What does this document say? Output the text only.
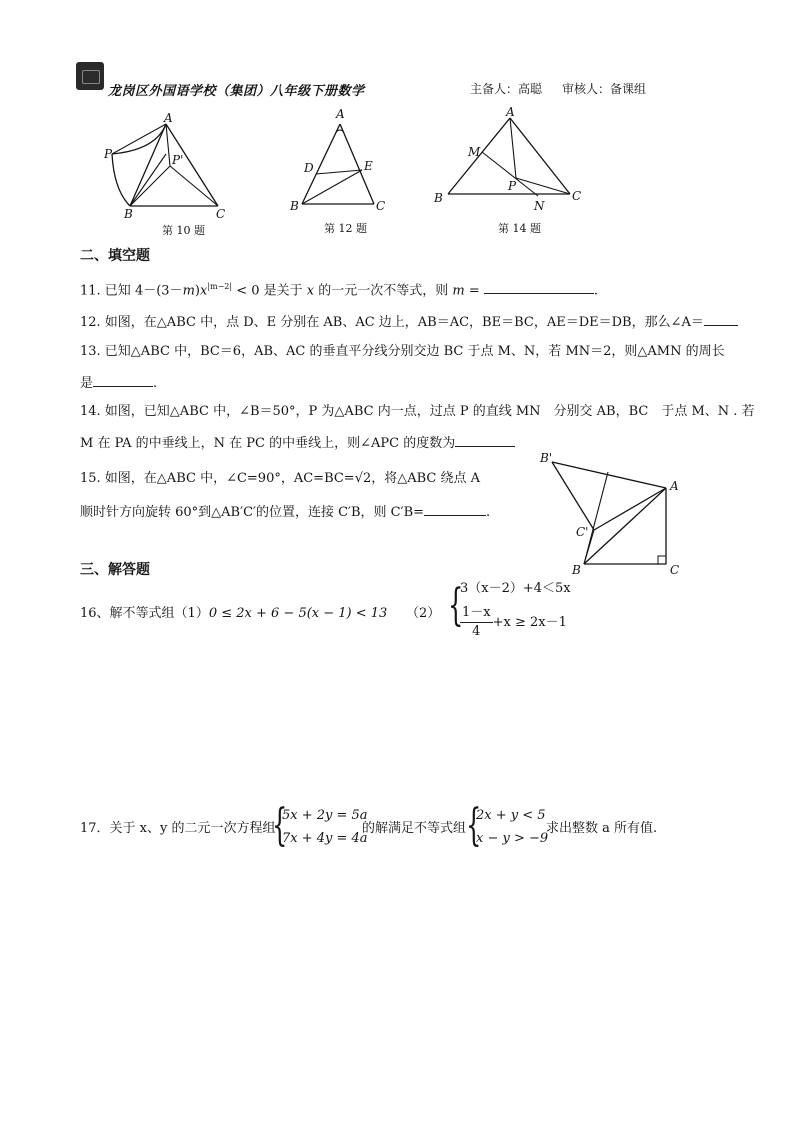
龙岗区外国语学校（集团）八年级下册数学	主备人：高聪 审核人：备课组
P
A
P'
B	C
第 10 题
A
D	E
B	C
第 12 题
A
M
P
B
N
C
第 14 题
二、填空题
11. 已知 $4-(3-m)x^{|m-2|} < 0$ 是关于 x 的一元一次不等式，则 m =	.
12. 如图，在△ABC 中，点 D、E 分别在 AB、AC 边上，AB＝AC，BE＝BC，AE＝DE＝DB，那么∠A＝
13. 已知△ABC 中，BC＝6，AB、AC 的垂直平分线分别交边 BC 于点 M、N，若 MN＝2，则△AMN 的周长
是	.
14. 如图，已知△ABC 中，∠B＝50°，P 为△ABC 内一点，过点 P 的直线 MN　分别交 AB，BC　于点 M、N . 若
M 在 PA 的中垂线上，N 在 PC 的中垂线上，则∠APC 的度数为
15. 如图，在△ABC 中，∠C=90°，AC=BC=√2，将△ABC 绕点 A
顺时针方向旋转 60°到△AB′C′的位置，连接 C′B，则 C′B=	.
B'
A
C'
B	C
三、解答题
16、解不等式组（1）0 ≤ 2x + 6 − 5(x − 1) < 13 （2） {
3（x－2）+4＜5x
$\frac{1-x}{4} +x \ge 2x-1$
17．关于 x、y 的二元一次方程组
{
5x + 2y = 5a
7x + 4y = 4a
的解满足不等式组 {
2x + y < 5
x − y > −9
求出整数 a 所有值.
